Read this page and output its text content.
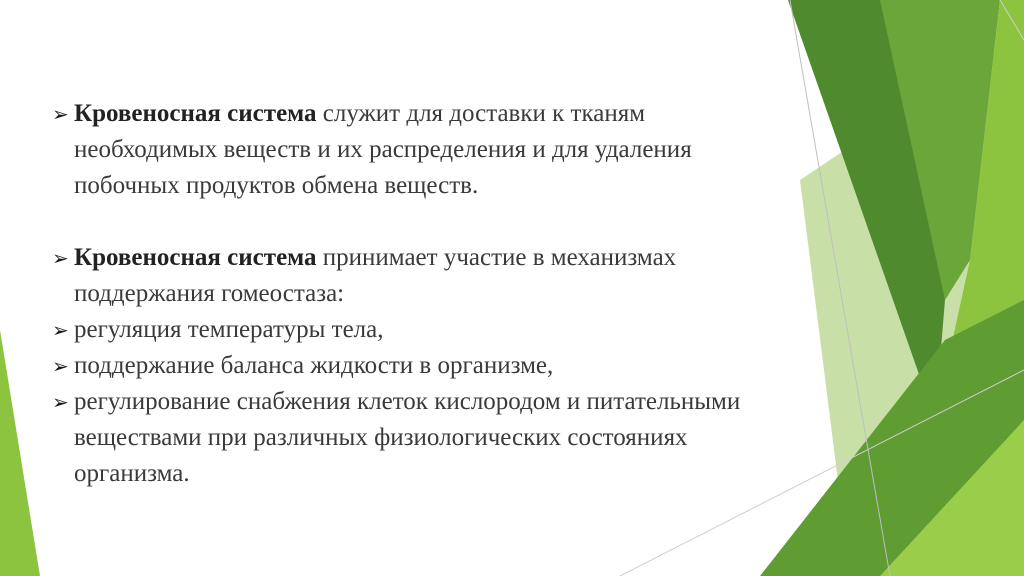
➢ Кровеносная система служит для доставки к тканям необходимых веществ и их распределения и для удаления побочных продуктов обмена веществ.
➢ Кровеносная система принимает участие в механизмах поддержания гомеостаза:
➢ регуляция температуры тела,
➢ поддержание баланса жидкости в организме,
➢ регулирование снабжения клеток кислородом и питательными веществами при различных физиологических состояниях организма.
